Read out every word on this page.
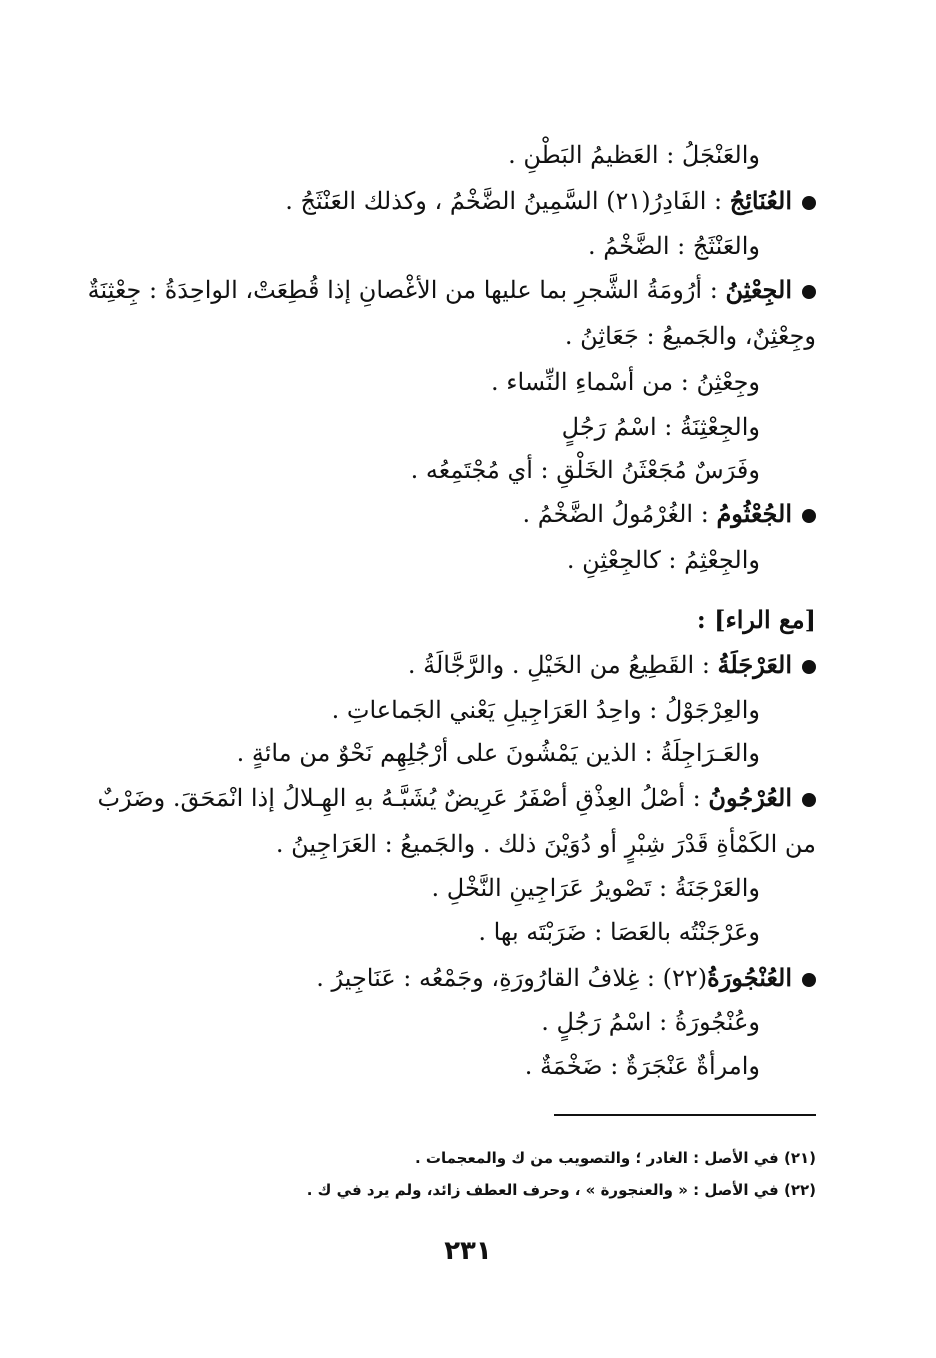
والعَنْجَلُ : العَظيمُ البَطْنِ .
العُنَائِجُ : الفَادِرُ(٢١) السَّمِينُ الضَّخْمُ ، وكذلك العَنْثَجُ .
والعَنْثَجُ : الضَّخْمُ .
الجِعْثِنُ : أرُومَةُ الشَّجرِ بما عليها من الأغْصانِ إذا قُطِعَتْ، الواحِدَةُ : جِعْثِنَةٌ
وجِعْثِنٌ، والجَميعُ : جَعَاثِنُ .
وجِعْثِنُ : من أسْماءِ النِّساء .
والجِعْثِنَةُ : اسْمُ رَجُلٍ
وفَرَسٌ مُجَعْثَنُ الخَلْقِ : أي مُجْتَمِعُه .
الجُعْثُومُ : الغُرْمُولُ الضَّخْمُ .
والجِعْثِمُ : كالجِعْثِنِ .
[مع الراء] :
العَرْجَلَةُ : القَطِيعُ من الخَيْلِ . والرَّجَّالَةُ .
والعِرْجَوْلُ : واحِدُ العَرَاجِيلِ يَعْني الجَماعاتِ .
والعَـرَاجِلَةُ : الذين يَمْشُونَ على أرْجُلِهِم نَحْوٌ من مائةٍ .
العُرْجُونُ : أصْلُ العِذْقِ أصْفَرُ عَرِيضٌ يُشَبَّـهُ بهِ الهِـلالُ إذا انْمَحَقَ. وضَرْبٌ
من الكَمْأةِ قَدْرَ شِبْرٍ أو دُوَيْنَ ذلك . والجَميعُ : العَرَاجِينُ .
والعَرْجَنَةُ : تَصْويرُ عَرَاجِينِ النَّخْلِ .
وعَرْجَنْتُه بالعَصَا : ضَرَبْتَه بها .
العُنْجُورَةُ(٢٢) : غِلافُ القارُورَةِ، وجَمْعُه : عَنَاجِيرُ .
وعُنْجُورَةُ : اسْمُ رَجُلٍ .
وامرأةٌ عَنْجَرَةٌ : ضَخْمَةٌ .
(٢١) في الأصل : الغادر ؛ والتصويب من ك والمعجمات .
(٢٢) في الأصل : « والعنجورة » ، وحرف العطف زائد، ولم يرد في ك .
٢٣١
